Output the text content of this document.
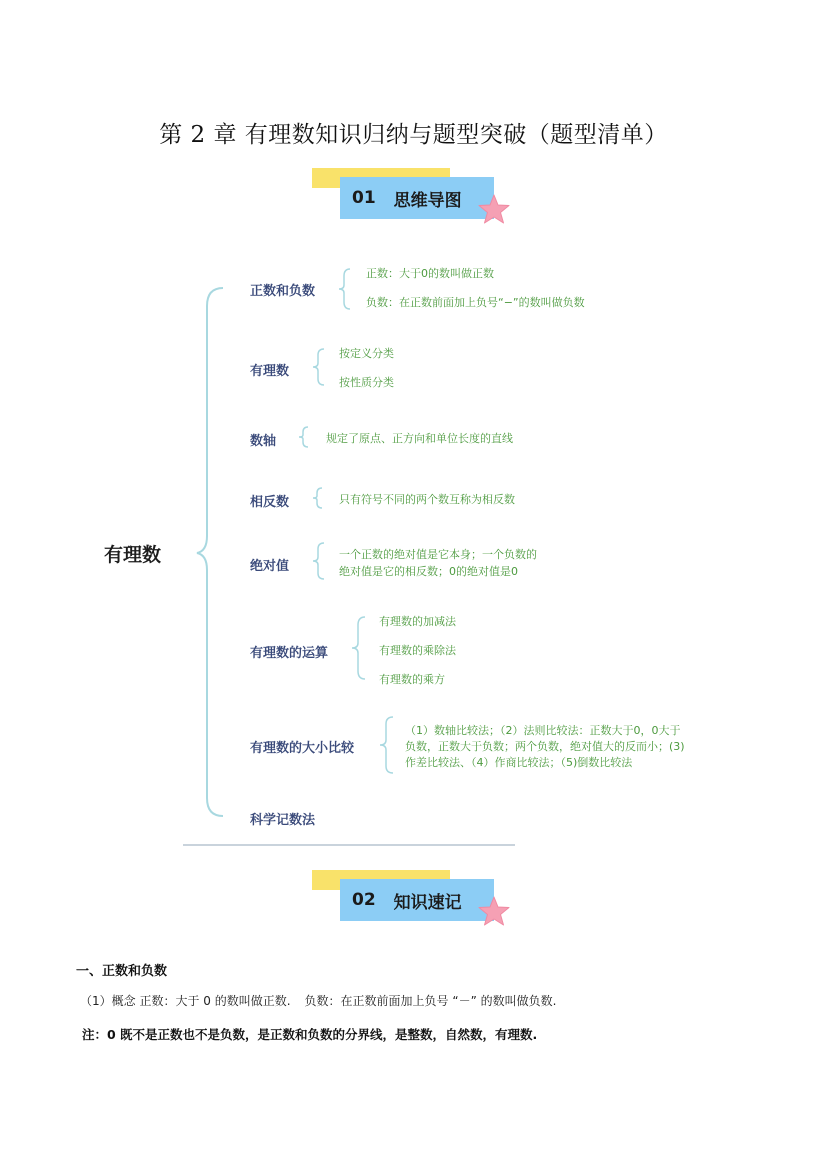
第 2 章 有理数知识归纳与题型突破（题型清单）
01 思维导图
有理数
正数和负数
正数：大于0的数叫做正数
负数：在正数前面加上负号“−”的数叫做负数
有理数
按定义分类
按性质分类
数轴	规定了原点、正方向和单位长度的直线
相反数	只有符号不同的两个数互称为相反数
绝对值
一个正数的绝对值是它本身；一个负数的
绝对值是它的相反数；0的绝对值是0
有理数的运算
有理数的加减法
有理数的乘除法
有理数的乘方
有理数的大小比较
（1）数轴比较法；（2）法则比较法：正数大于0，0大于
负数，正数大于负数；两个负数，绝对值大的反而小；(3)
作差比较法、（4）作商比较法；（5)倒数比较法
科学记数法
02 知识速记
一、正数和负数
（1）概念 正数：大于 0 的数叫做正数. 负数：在正数前面加上负号 “－” 的数叫做负数.
注：0 既不是正数也不是负数，是正数和负数的分界线，是整数，自然数，有理数.
